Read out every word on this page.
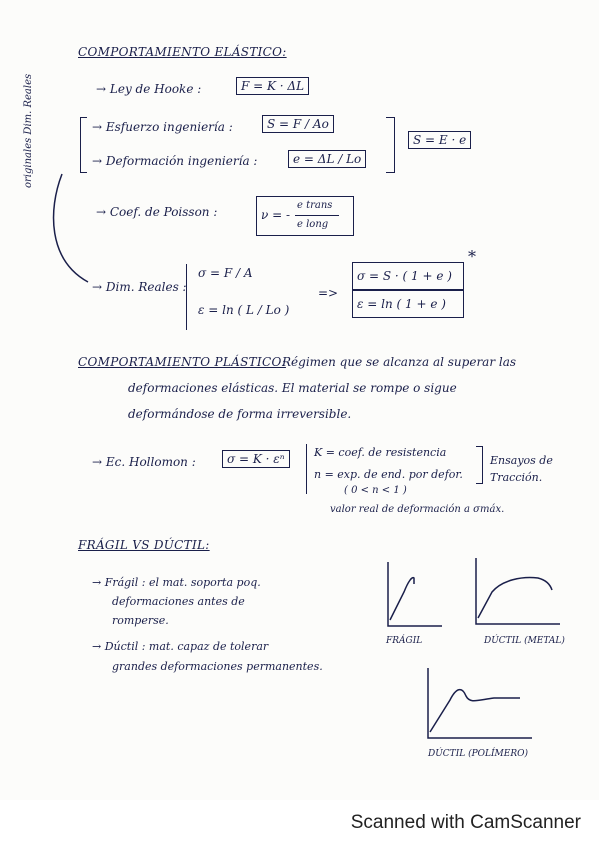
COMPORTAMIENTO ELÁSTICO:
→ Ley de Hooke :	F = K · ΔL
originales Dim. Reales	→ Esfuerzo ingeniería :	S = F / Ao
→ Deformación ingeniería :	e = ΔL / Lo
S = E · e
→ Coef. de Poisson :	ν = -
e trans
e long
→ Dim. Reales :
σ = F / A
ε = ln ( L / Lo )
=>
σ = S · ( 1 + e )
ε = ln ( 1 + e )
*
COMPORTAMIENTO PLÁSTICO:
Régimen que se alcanza al superar las
deformaciones elásticas. El material se rompe o sigue
deformándose de forma irreversible.
→ Ec. Hollomon :	σ = K · εⁿ	K = coef. de resistencia
n = exp. de end. por defor.
( 0 < n < 1 )
valor real de deformación a σmáx.
Ensayos de Tracción.
FRÁGIL VS DÚCTIL:
→ Frágil : el mat. soporta poq.
deformaciones antes de
romperse.
→ Dúctil : mat. capaz de tolerar
grandes deformaciones permanentes.
FRÁGIL	DÚCTIL (METAL)
DÚCTIL (POLÍMERO)
Scanned with CamScanner
